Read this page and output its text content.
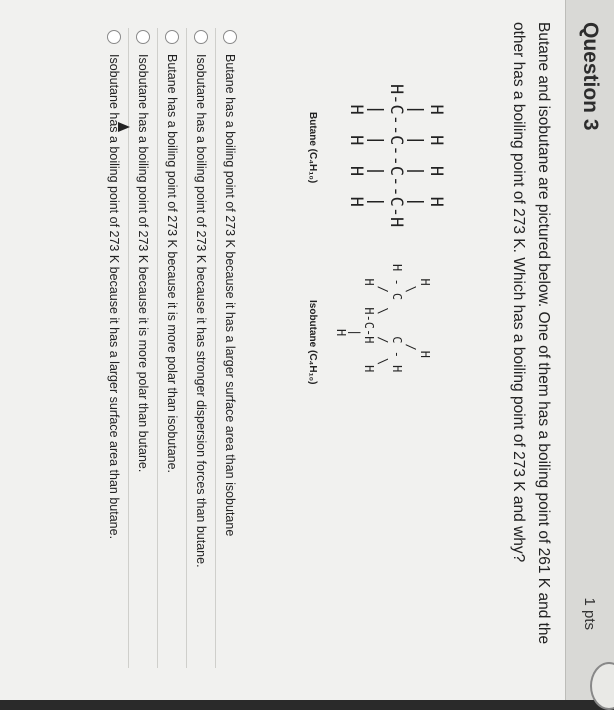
Question 3
1 pts
Butane and isobutane are pictured below. One of them has a boiling point of 261 K and the other has a boiling point of 273 K. Which has a boiling point of 273 K and why?
H  H  H  H
|  |  |  |
H-C--C--C--C-H
|  |  |  |
H  H  H  H
Butane (C₄H₁₀)
H         H
\       /
H - C     C - H
/  \   /  \
H   H-C-H   H
|
H
Isobutane (C₄H₁₀)
Butane has a boiling point of 273 K because it has a larger surface area than isobutane
Isobutane has a boiling point of 273 K because it has stronger dispersion forces than butane.
Butane has a boiling point of 273 K because it is more polar than isobutane.
Isobutane has a boiling point of 273 K because it is more polar than butane.
Isobutane has a boiling point of 273 K because it has a larger surface area than butane.
